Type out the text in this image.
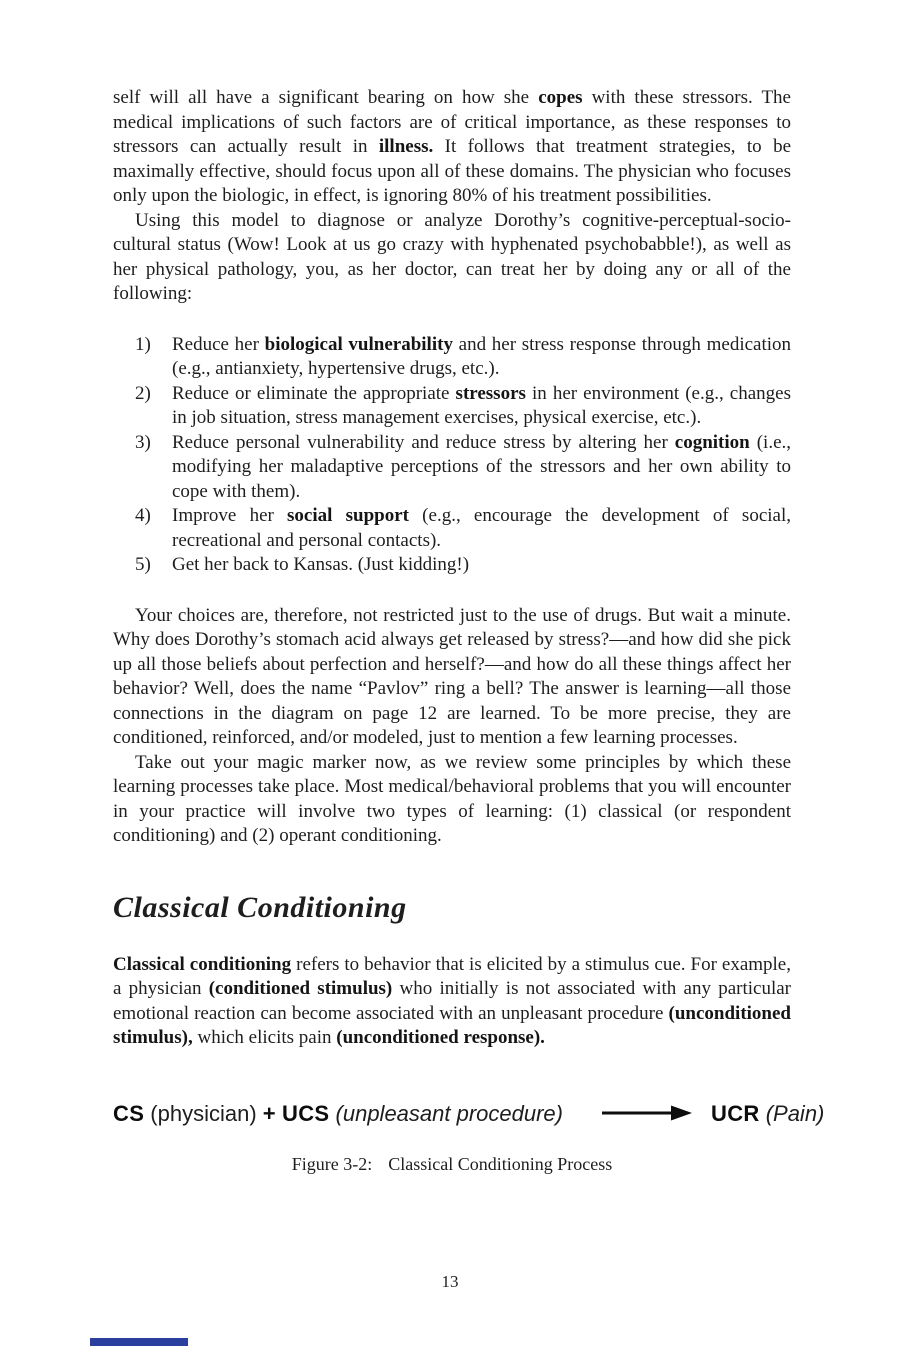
self will all have a significant bearing on how she copes with these stressors. The medical implications of such factors are of critical importance, as these responses to stressors can actually result in illness. It follows that treatment strategies, to be maximally effective, should focus upon all of these domains. The physician who focuses only upon the biologic, in effect, is ignoring 80% of his treatment possibilities.

Using this model to diagnose or analyze Dorothy’s cognitive-perceptual-socio-cultural status (Wow! Look at us go crazy with hyphenated psychobabble!), as well as her physical pathology, you, as her doctor, can treat her by doing any or all of the following:

1) Reduce her biological vulnerability and her stress response through medication (e.g., antianxiety, hypertensive drugs, etc.).
2) Reduce or eliminate the appropriate stressors in her environment (e.g., changes in job situation, stress management exercises, physical exercise, etc.).
3) Reduce personal vulnerability and reduce stress by altering her cognition (i.e., modifying her maladaptive perceptions of the stressors and her own ability to cope with them).
4) Improve her social support (e.g., encourage the development of social, recreational and personal contacts).
5) Get her back to Kansas. (Just kidding!)

Your choices are, therefore, not restricted just to the use of drugs. But wait a minute. Why does Dorothy’s stomach acid always get released by stress?—and how did she pick up all those beliefs about perfection and herself?—and how do all these things affect her behavior? Well, does the name “Pavlov” ring a bell? The answer is learning—all those connections in the diagram on page 12 are learned. To be more precise, they are conditioned, reinforced, and/or modeled, just to mention a few learning processes.

Take out your magic marker now, as we review some principles by which these learning processes take place. Most medical/behavioral problems that you will encounter in your practice will involve two types of learning: (1) classical (or respondent conditioning) and (2) operant conditioning.

Classical Conditioning

Classical conditioning refers to behavior that is elicited by a stimulus cue. For example, a physician (conditioned stimulus) who initially is not associated with any particular emotional reaction can become associated with an unpleasant procedure (unconditioned stimulus), which elicits pain (unconditioned response).

CS (physician) + UCS (unpleasant procedure)	UCR (Pain)
Figure 3-2: Classical Conditioning Process
13
